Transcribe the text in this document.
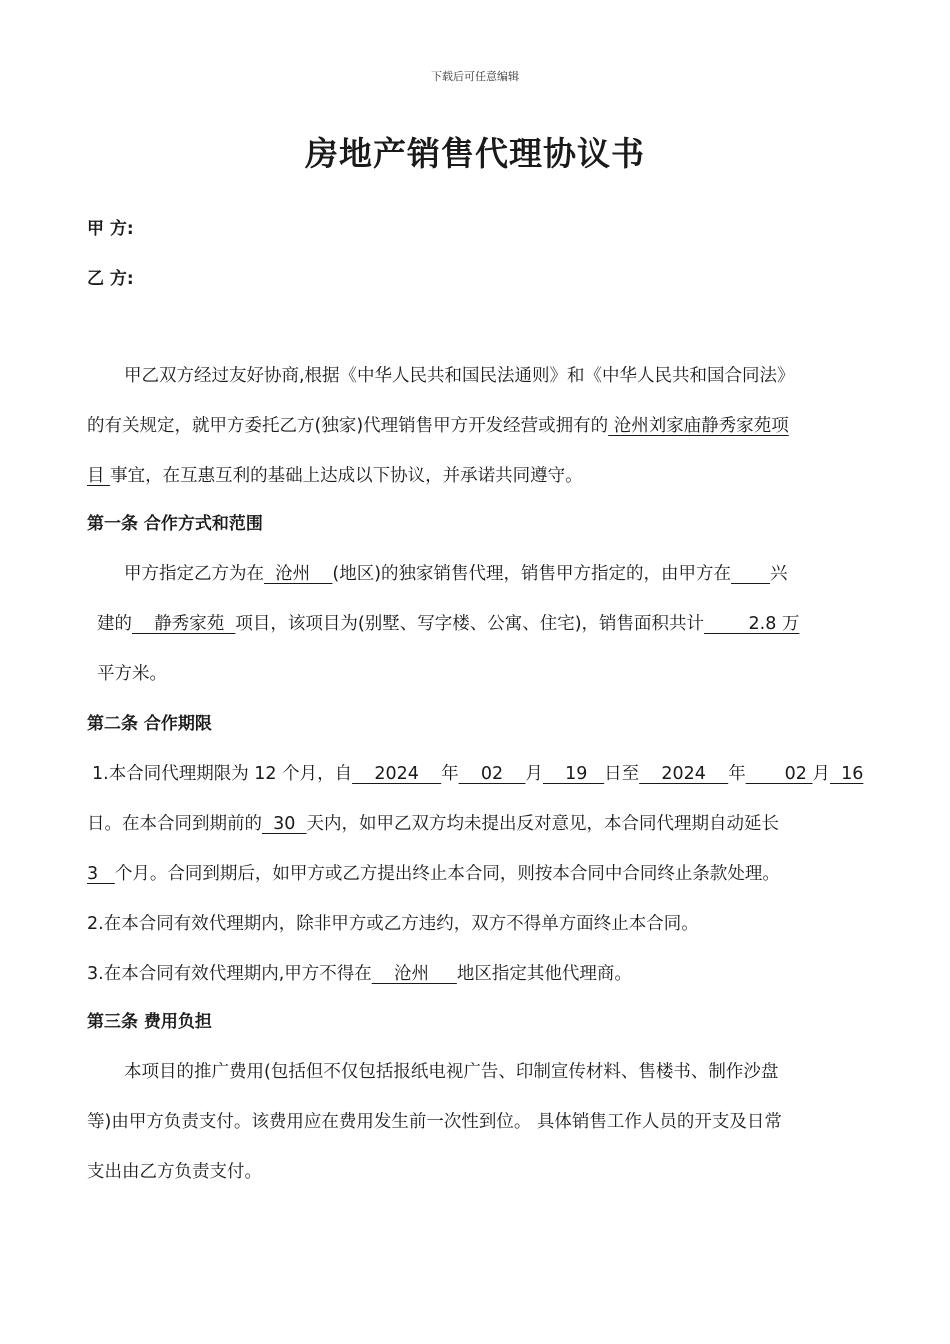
下载后可任意编辑
房地产销售代理协议书
甲 方:
乙 方:
甲乙双方经过友好协商,根据《中华人民共和国民法通则》和《中华人民共和国合同法》
的有关规定，就甲方委托乙方(独家)代理销售甲方开发经营或拥有的 沧州刘家庙静秀家苑项
目 事宜，在互惠互利的基础上达成以下协议，并承诺共同遵守。
第一条 合作方式和范围
甲方指定乙方为在  沧州    (地区)的独家销售代理，销售甲方指定的，由甲方在 兴
建的    静秀家苑  项目，该项目为(别墅、写字楼、公寓、住宅)，销售面积共计        2.8 万
平方米。
第二条 合作期限
1.本合同代理期限为 12 个月，自    2024    年    02    月    19   日至    2024    年       02 月  16
日。在本合同到期前的  30  天内，如甲乙双方均未提出反对意见，本合同代理期自动延长
3   个月。合同到期后，如甲方或乙方提出终止本合同，则按本合同中合同终止条款处理。
2.在本合同有效代理期内，除非甲方或乙方违约，双方不得单方面终止本合同。
3.在本合同有效代理期内,甲方不得在    沧州     地区指定其他代理商。
第三条 费用负担
本项目的推广费用(包括但不仅包括报纸电视广告、印制宣传材料、售楼书、制作沙盘
等)由甲方负责支付。该费用应在费用发生前一次性到位。 具体销售工作人员的开支及日常
支出由乙方负责支付。
